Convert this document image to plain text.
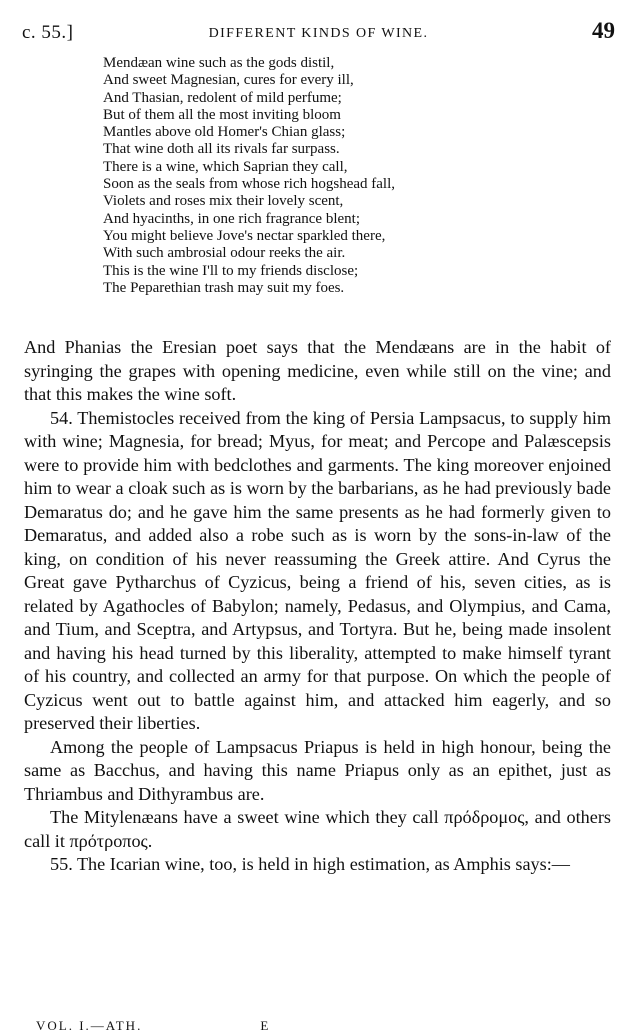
c. 55.]	DIFFERENT KINDS OF WINE.	49
Mendæan wine such as the gods distil,
And sweet Magnesian, cures for every ill,
And Thasian, redolent of mild perfume;
But of them all the most inviting bloom
Mantles above old Homer's Chian glass;
That wine doth all its rivals far surpass.
There is a wine, which Saprian they call,
Soon as the seals from whose rich hogshead fall,
Violets and roses mix their lovely scent,
And hyacinths, in one rich fragrance blent;
You might believe Jove's nectar sparkled there,
With such ambrosial odour reeks the air.
This is the wine I'll to my friends disclose;
The Peparethian trash may suit my foes.

And Phanias the Eresian poet says that the Mendæans are in the habit of syringing the grapes with opening medicine, even while still on the vine; and that this makes the wine soft.

54. Themistocles received from the king of Persia Lampsacus, to supply him with wine; Magnesia, for bread; Myus, for meat; and Percope and Palæscepsis were to provide him with bedclothes and garments. The king moreover enjoined him to wear a cloak such as is worn by the barbarians, as he had previously bade Demaratus do; and he gave him the same presents as he had formerly given to Demaratus, and added also a robe such as is worn by the sons-in-law of the king, on condition of his never reassuming the Greek attire. And Cyrus the Great gave Pytharchus of Cyzicus, being a friend of his, seven cities, as is related by Agathocles of Babylon; namely, Pedasus, and Olympius, and Cama, and Tium, and Sceptra, and Artypsus, and Tortyra. But he, being made insolent and having his head turned by this liberality, attempted to make himself tyrant of his country, and collected an army for that purpose. On which the people of Cyzicus went out to battle against him, and attacked him eagerly, and so preserved their liberties.

Among the people of Lampsacus Priapus is held in high honour, being the same as Bacchus, and having this name Priapus only as an epithet, just as Thriambus and Dithyrambus are.

The Mitylenæans have a sweet wine which they call πρόδρομος, and others call it πρότροπος.

55. The Icarian wine, too, is held in high estimation, as Amphis says:—

VOL. I.—ATH.	E
